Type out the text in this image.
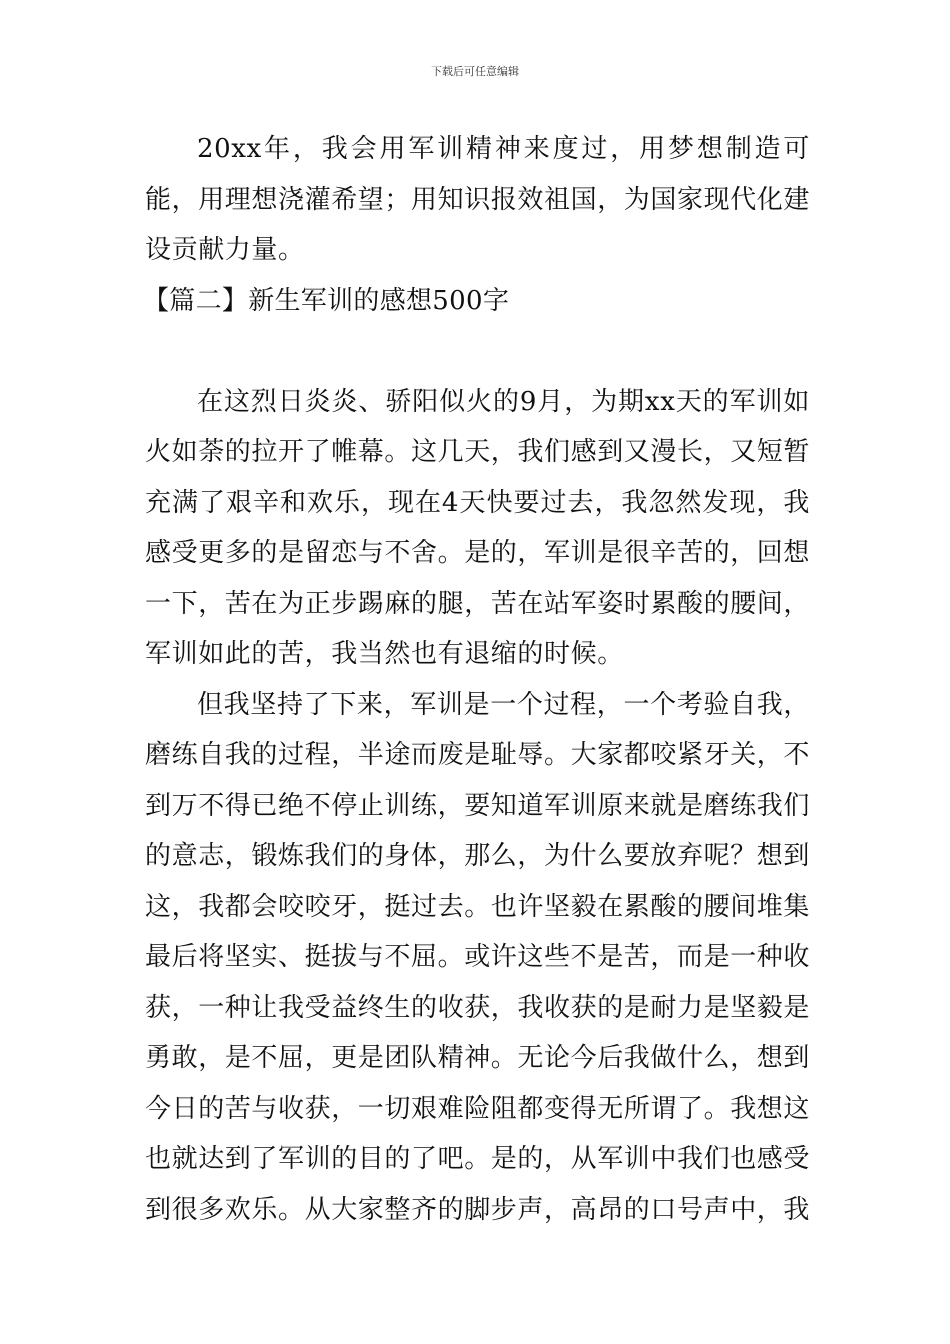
下载后可任意编辑

20xx年，我会用军训精神来度过，用梦想制造可能，用理想浇灌希望；用知识报效祖国，为国家现代化建设贡献力量。

【篇二】新生军训的感想500字

在这烈日炎炎、骄阳似火的9月，为期xx天的军训如火如荼的拉开了帷幕。这几天，我们感到又漫长，又短暂充满了艰辛和欢乐，现在4天快要过去，我忽然发现，我感受更多的是留恋与不舍。是的，军训是很辛苦的，回想一下，苦在为正步踢麻的腿，苦在站军姿时累酸的腰间，军训如此的苦，我当然也有退缩的时候。

但我坚持了下来，军训是一个过程，一个考验自我，磨练自我的过程，半途而废是耻辱。大家都咬紧牙关，不到万不得已绝不停止训练，要知道军训原来就是磨练我们的意志，锻炼我们的身体，那么，为什么要放弃呢？想到这，我都会咬咬牙，挺过去。也许坚毅在累酸的腰间堆集最后将坚实、挺拔与不屈。或许这些不是苦，而是一种收获，一种让我受益终生的收获，我收获的是耐力是坚毅是勇敢，是不屈，更是团队精神。无论今后我做什么，想到今日的苦与收获，一切艰难险阻都变得无所谓了。我想这也就达到了军训的目的了吧。是的，从军训中我们也感受到很多欢乐。从大家整齐的脚步声，高昂的口号声中，我
